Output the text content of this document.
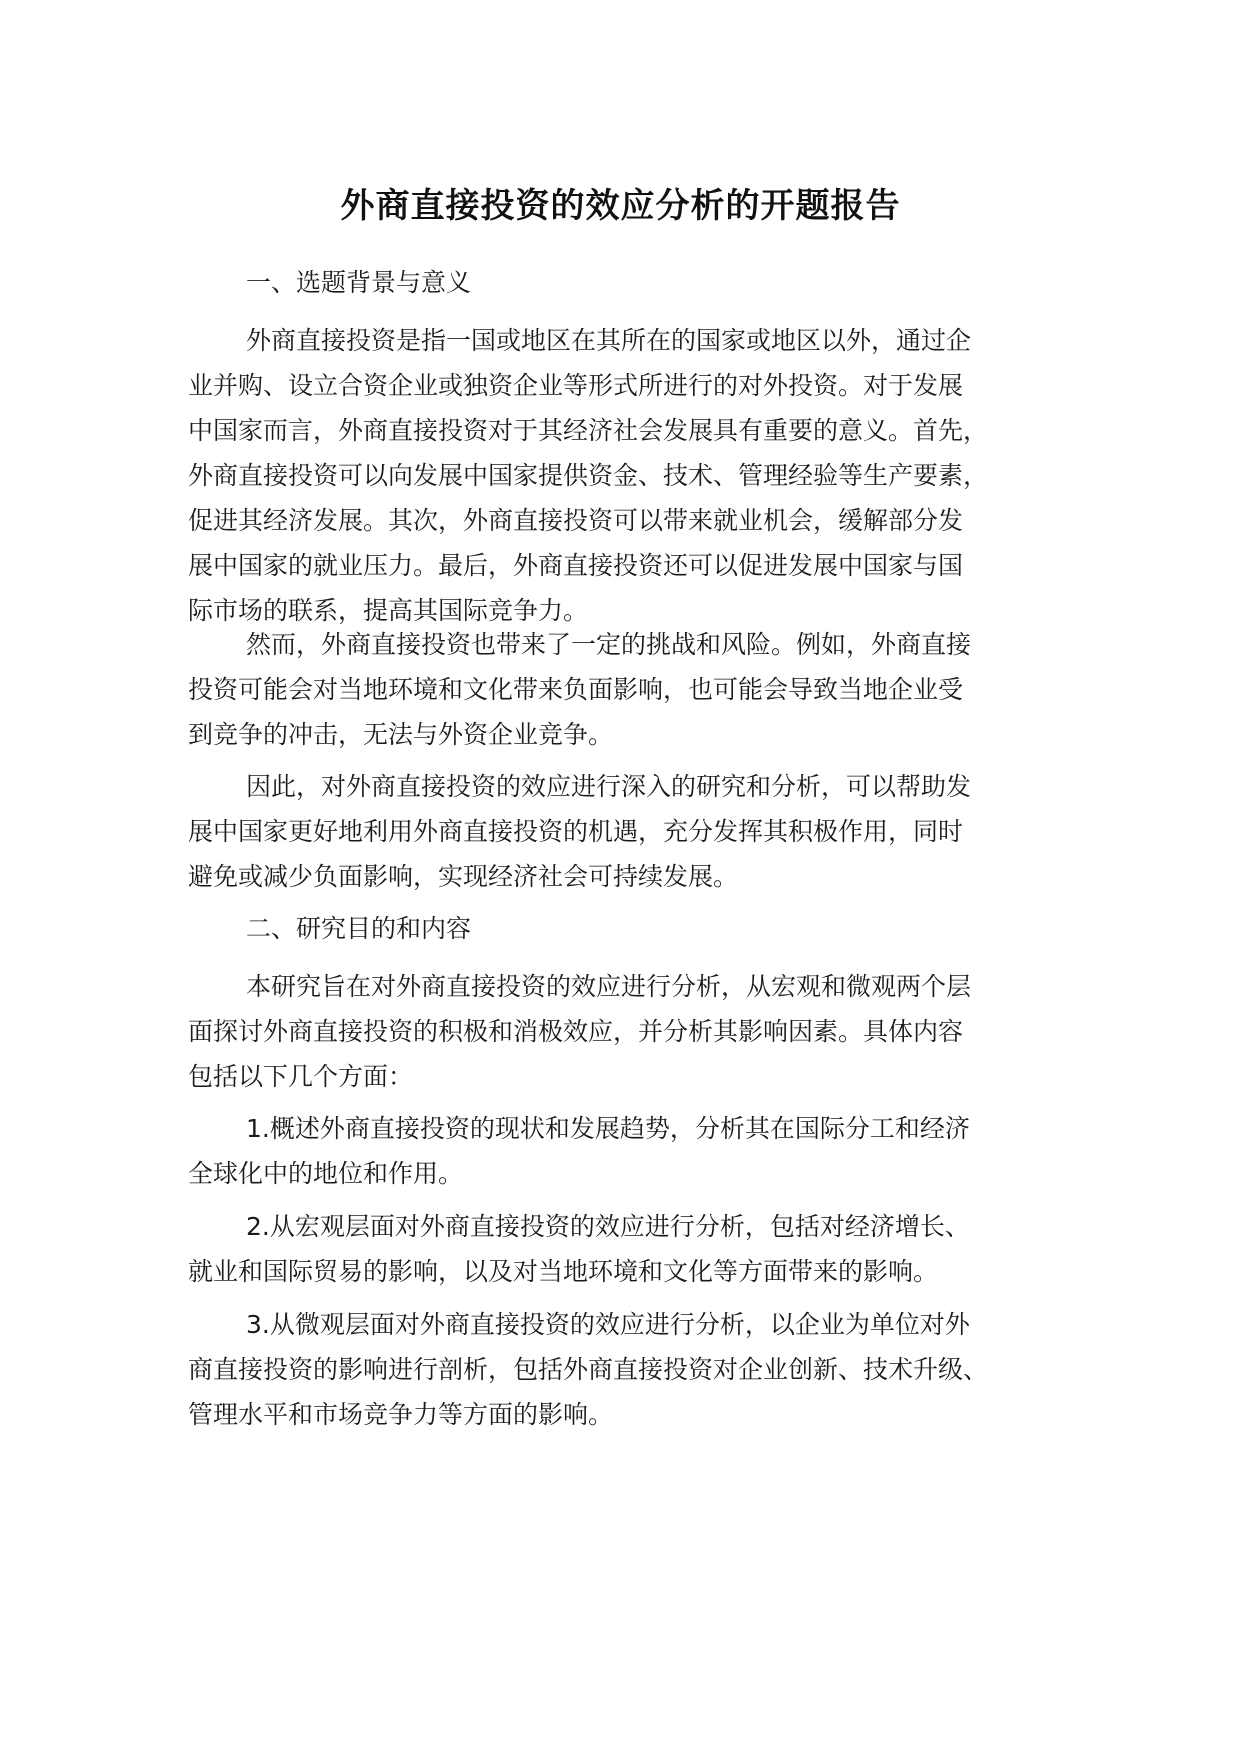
外商直接投资的效应分析的开题报告
一、选题背景与意义
外商直接投资是指一国或地区在其所在的国家或地区以外，通过企
业并购、设立合资企业或独资企业等形式所进行的对外投资。对于发展
中国家而言，外商直接投资对于其经济社会发展具有重要的意义。首先，
外商直接投资可以向发展中国家提供资金、技术、管理经验等生产要素，
促进其经济发展。其次，外商直接投资可以带来就业机会，缓解部分发
展中国家的就业压力。最后，外商直接投资还可以促进发展中国家与国
际市场的联系，提高其国际竞争力。
然而，外商直接投资也带来了一定的挑战和风险。例如，外商直接
投资可能会对当地环境和文化带来负面影响，也可能会导致当地企业受
到竞争的冲击，无法与外资企业竞争。
因此，对外商直接投资的效应进行深入的研究和分析，可以帮助发
展中国家更好地利用外商直接投资的机遇，充分发挥其积极作用，同时
避免或减少负面影响，实现经济社会可持续发展。
二、研究目的和内容
本研究旨在对外商直接投资的效应进行分析，从宏观和微观两个层
面探讨外商直接投资的积极和消极效应，并分析其影响因素。具体内容
包括以下几个方面：
1.概述外商直接投资的现状和发展趋势，分析其在国际分工和经济
全球化中的地位和作用。
2.从宏观层面对外商直接投资的效应进行分析，包括对经济增长、
就业和国际贸易的影响，以及对当地环境和文化等方面带来的影响。
3.从微观层面对外商直接投资的效应进行分析，以企业为单位对外
商直接投资的影响进行剖析，包括外商直接投资对企业创新、技术升级、
管理水平和市场竞争力等方面的影响。
